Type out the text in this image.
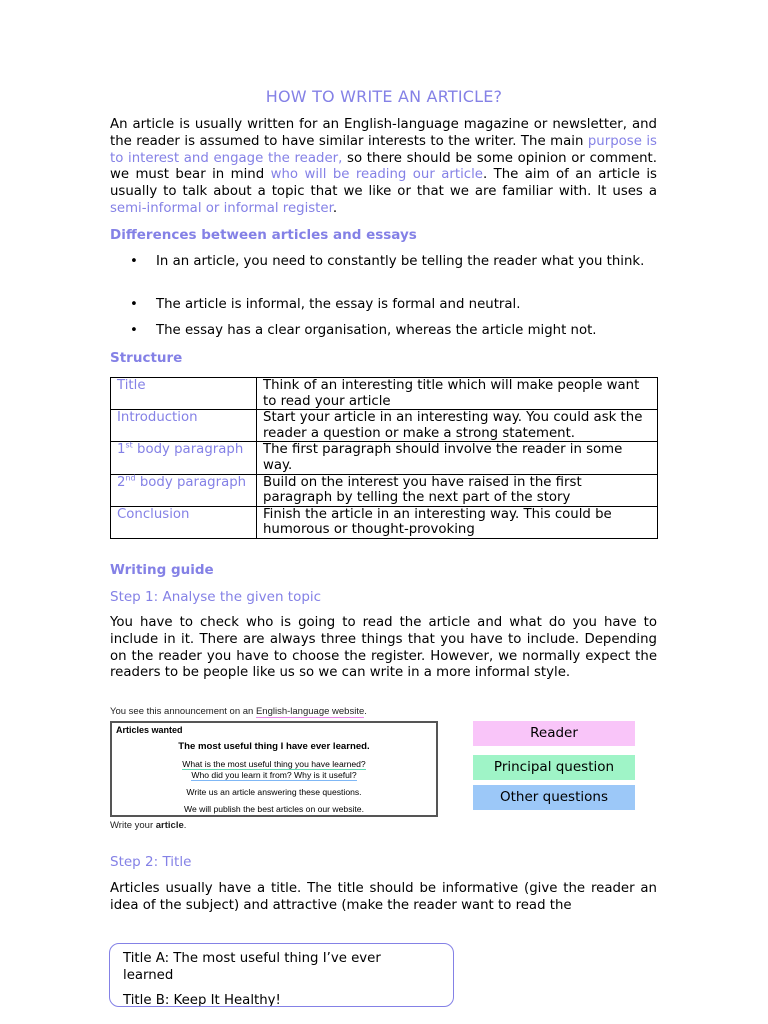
HOW TO WRITE AN ARTICLE?

An article is usually written for an English-language magazine or newsletter, and the reader is assumed to have similar interests to the writer. The main purpose is to interest and engage the reader, so there should be some opinion or comment. we must bear in mind who will be reading our article. The aim of an article is usually to talk about a topic that we like or that we are familiar with. It uses a semi-informal or informal register.

Differences between articles and essays
• In an article, you need to constantly be telling the reader what you think.
• The article is informal, the essay is formal and neutral.
• The essay has a clear organisation, whereas the article might not.
Structure
Title	Think of an interesting title which will make people want to read your article
Introduction	Start your article in an interesting way. You could ask the reader a question or make a strong statement.
1st body paragraph	The first paragraph should involve the reader in some way.
2nd body paragraph	Build on the interest you have raised in the first paragraph by telling the next part of the story
Conclusion	Finish the article in an interesting way. This could be humorous or thought-provoking
Writing guide
Step 1: Analyse the given topic

You have to check who is going to read the article and what do you have to include in it. There are always three things that you have to include. Depending on the reader you have to choose the register. However, we normally expect the readers to be people like us so we can write in a more informal style.

You see this announcement on an English-language website.
Articles wanted
The most useful thing I have ever learned.
What is the most useful thing you have learned?
Who did you learn it from? Why is it useful?
Write us an article answering these questions.
We will publish the best articles on our website.
Write your article.
Reader
Principal question
Other questions
Step 2: Title

Articles usually have a title. The title should be informative (give the reader an idea of the subject) and attractive (make the reader want to read the

Title A: The most useful thing I’ve ever learned
Title B: Keep It Healthy!
